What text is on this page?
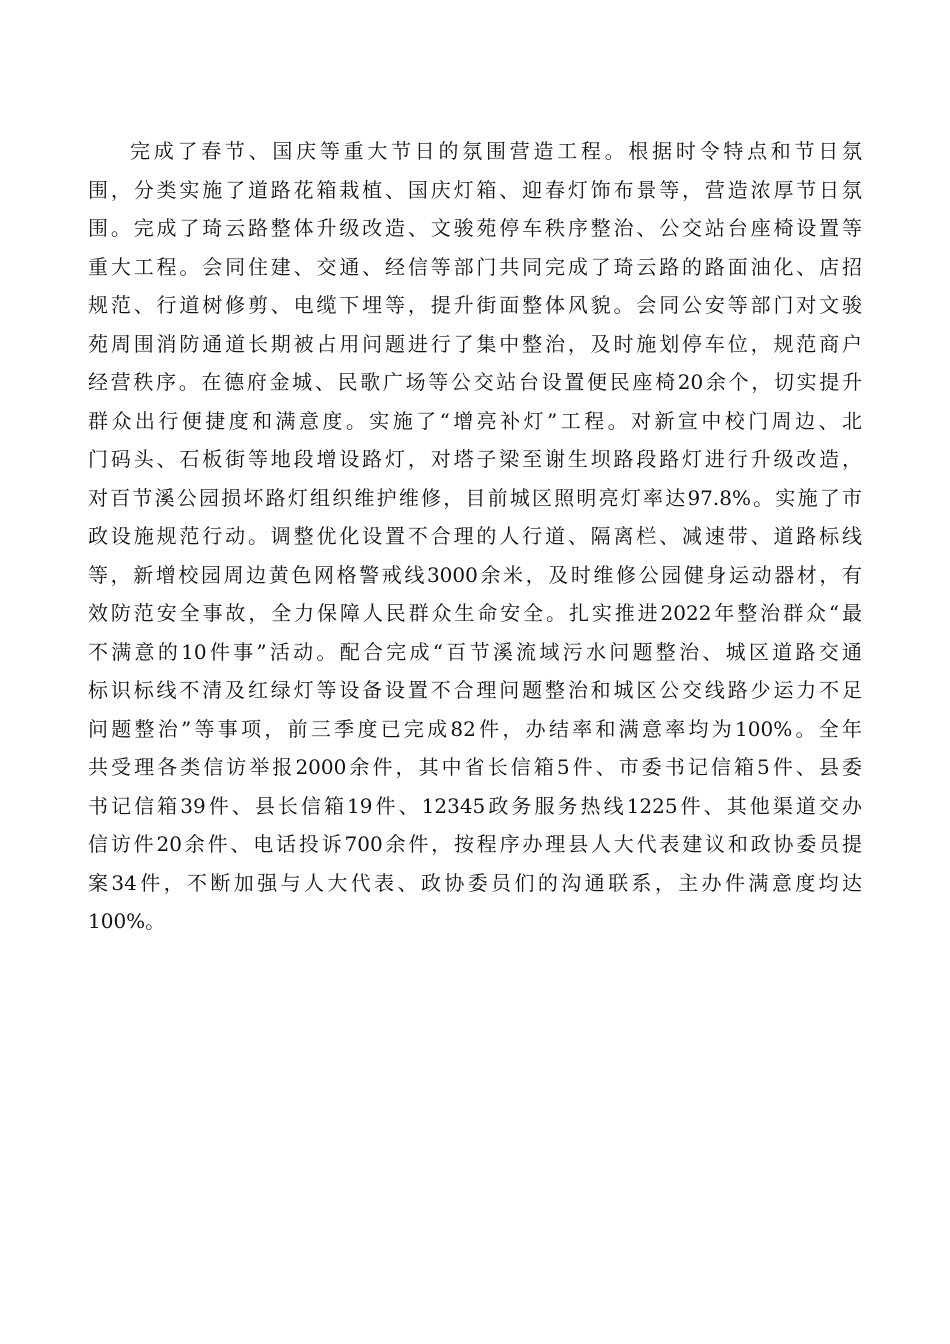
完成了春节、国庆等重大节日的氛围营造工程。根据时令特点和节日氛
围，分类实施了道路花箱栽植、国庆灯箱、迎春灯饰布景等，营造浓厚节日氛
围。完成了琦云路整体升级改造、文骏苑停车秩序整治、公交站台座椅设置等
重大工程。会同住建、交通、经信等部门共同完成了琦云路的路面油化、店招
规范、行道树修剪、电缆下埋等，提升街面整体风貌。会同公安等部门对文骏
苑周围消防通道长期被占用问题进行了集中整治，及时施划停车位，规范商户
经营秩序。在德府金城、民歌广场等公交站台设置便民座椅20余个，切实提升
群众出行便捷度和满意度。实施了“增亮补灯”工程。对新宣中校门周边、北
门码头、石板街等地段增设路灯，对塔子梁至谢生坝路段路灯进行升级改造，
对百节溪公园损坏路灯组织维护维修，目前城区照明亮灯率达97.8%。实施了市
政设施规范行动。调整优化设置不合理的人行道、隔离栏、减速带、道路标线
等，新增校园周边黄色网格警戒线3000余米，及时维修公园健身运动器材，有
效防范安全事故，全力保障人民群众生命安全。扎实推进2022年整治群众“最
不满意的10件事”活动。配合完成“百节溪流域污水问题整治、城区道路交通
标识标线不清及红绿灯等设备设置不合理问题整治和城区公交线路少运力不足
问题整治”等事项，前三季度已完成82件，办结率和满意率均为100%。全年
共受理各类信访举报2000余件，其中省长信箱5件、市委书记信箱5件、县委
书记信箱39件、县长信箱19件、12345政务服务热线1225件、其他渠道交办
信访件20余件、电话投诉700余件，按程序办理县人大代表建议和政协委员提
案34件，不断加强与人大代表、政协委员们的沟通联系，主办件满意度均达
100%。
